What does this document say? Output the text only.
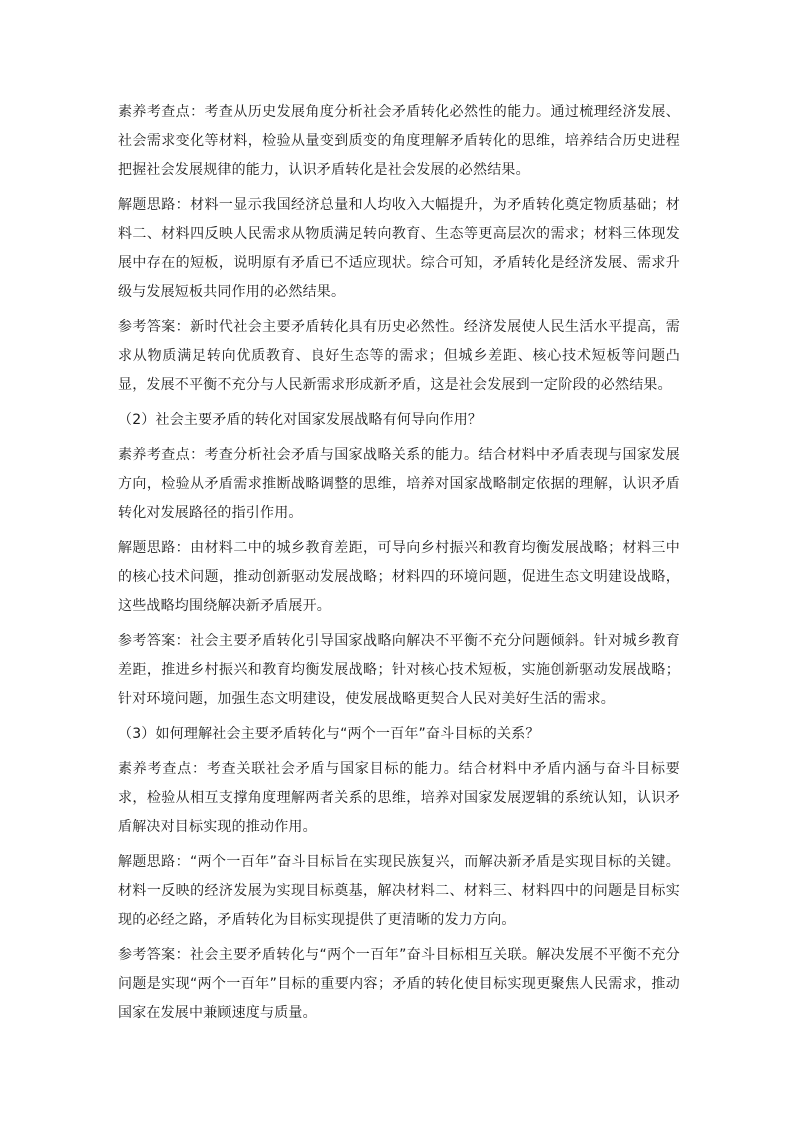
素养考查点：考查从历史发展角度分析社会矛盾转化必然性的能力。通过梳理经济发展、社会需求变化等材料，检验从量变到质变的角度理解矛盾转化的思维，培养结合历史进程把握社会发展规律的能力，认识矛盾转化是社会发展的必然结果。

解题思路：材料一显示我国经济总量和人均收入大幅提升，为矛盾转化奠定物质基础；材料二、材料四反映人民需求从物质满足转向教育、生态等更高层次的需求；材料三体现发展中存在的短板，说明原有矛盾已不适应现状。综合可知，矛盾转化是经济发展、需求升级与发展短板共同作用的必然结果。

参考答案：新时代社会主要矛盾转化具有历史必然性。经济发展使人民生活水平提高，需求从物质满足转向优质教育、良好生态等的需求；但城乡差距、核心技术短板等问题凸显，发展不平衡不充分与人民新需求形成新矛盾，这是社会发展到一定阶段的必然结果。

（2）社会主要矛盾的转化对国家发展战略有何导向作用？

素养考查点：考查分析社会矛盾与国家战略关系的能力。结合材料中矛盾表现与国家发展方向，检验从矛盾需求推断战略调整的思维，培养对国家战略制定依据的理解，认识矛盾转化对发展路径的指引作用。

解题思路：由材料二中的城乡教育差距，可导向乡村振兴和教育均衡发展战略；材料三中的核心技术问题，推动创新驱动发展战略；材料四的环境问题，促进生态文明建设战略，这些战略均围绕解决新矛盾展开。

参考答案：社会主要矛盾转化引导国家战略向解决不平衡不充分问题倾斜。针对城乡教育差距，推进乡村振兴和教育均衡发展战略；针对核心技术短板，实施创新驱动发展战略；针对环境问题，加强生态文明建设，使发展战略更契合人民对美好生活的需求。

（3）如何理解社会主要矛盾转化与“两个一百年”奋斗目标的关系？

素养考查点：考查关联社会矛盾与国家目标的能力。结合材料中矛盾内涵与奋斗目标要求，检验从相互支撑角度理解两者关系的思维，培养对国家发展逻辑的系统认知，认识矛盾解决对目标实现的推动作用。

解题思路：“两个一百年”奋斗目标旨在实现民族复兴，而解决新矛盾是实现目标的关键。材料一反映的经济发展为实现目标奠基，解决材料二、材料三、材料四中的问题是目标实现的必经之路，矛盾转化为目标实现提供了更清晰的发力方向。

参考答案：社会主要矛盾转化与“两个一百年”奋斗目标相互关联。解决发展不平衡不充分问题是实现“两个一百年”目标的重要内容；矛盾的转化使目标实现更聚焦人民需求，推动国家在发展中兼顾速度与质量。
